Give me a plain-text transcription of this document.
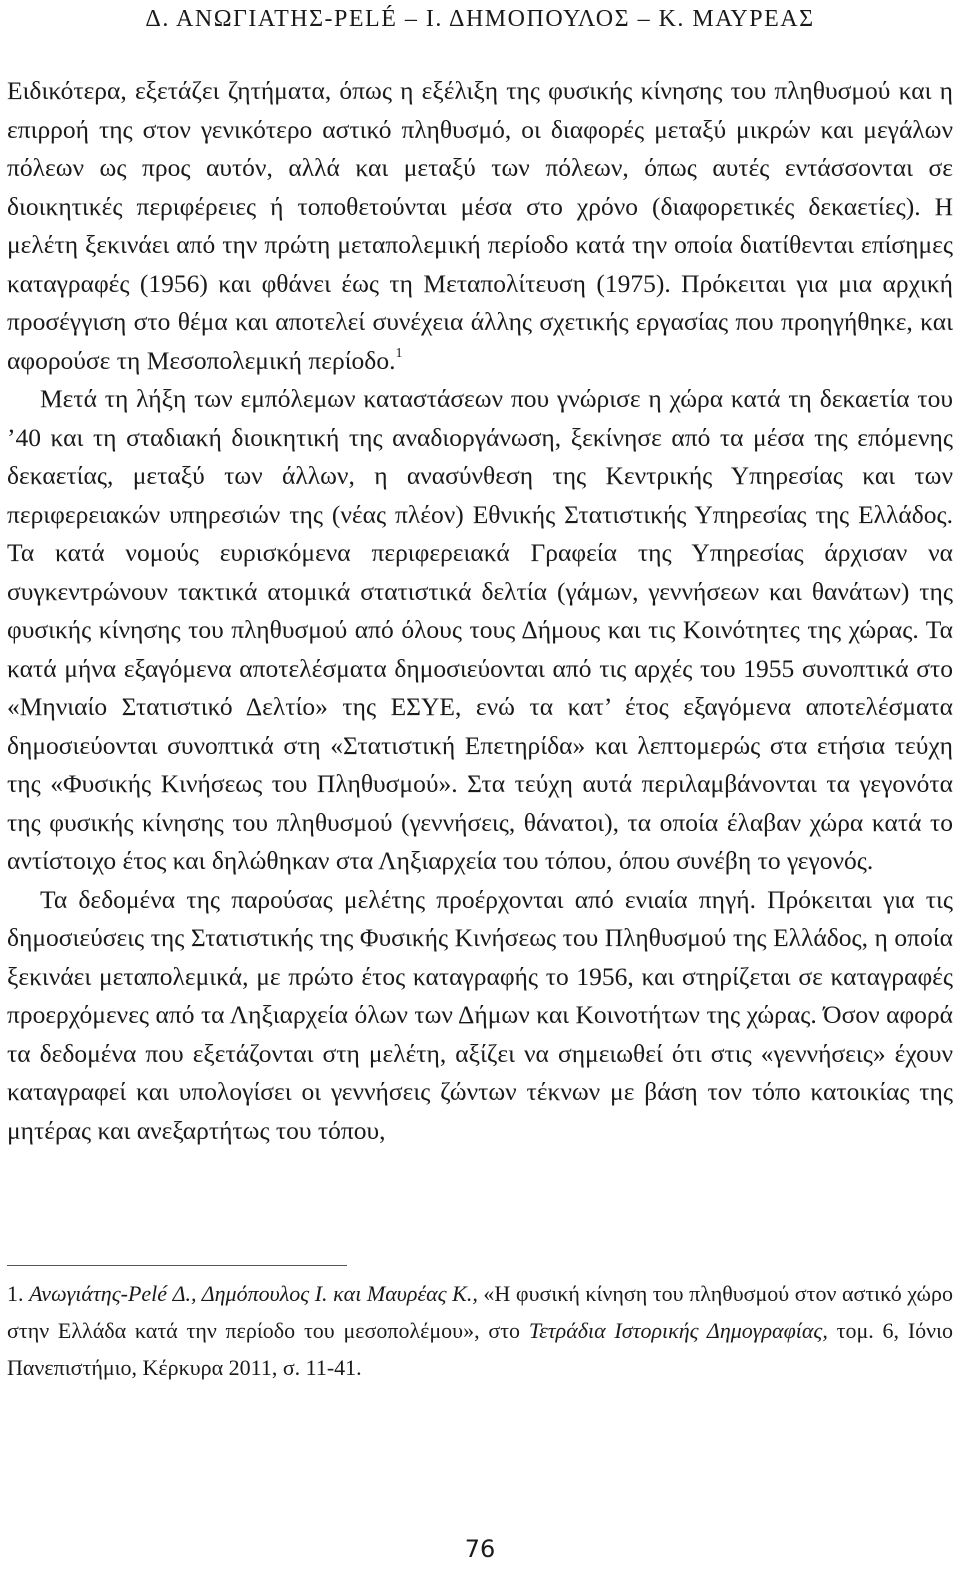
Δ. ΑΝΩΓΙΑΤΗΣ-PELÉ – Ι. ΔΗΜΟΠΟΥΛΟΣ – Κ. ΜΑΥΡΕΑΣ

Ειδικότερα, εξετάζει ζητήματα, όπως η εξέλιξη της φυσικής κίνησης του πληθυσμού και η επιρροή της στον γενικότερο αστικό πληθυσμό, οι διαφορές μεταξύ μικρών και μεγάλων πόλεων ως προς αυτόν, αλλά και μεταξύ των πόλεων, όπως αυτές εντάσσονται σε διοικητικές περιφέρειες ή τοποθετούνται μέσα στο χρόνο (διαφορετικές δεκαετίες). Η μελέτη ξεκινάει από την πρώτη μεταπολεμική περίοδο κατά την οποία διατίθενται επίσημες καταγραφές (1956) και φθάνει έως τη Μεταπολίτευση (1975). Πρόκειται για μια αρχική προσέγγιση στο θέμα και αποτελεί συνέχεια άλλης σχετικής εργασίας που προηγήθηκε, και αφορούσε τη Μεσοπολεμική περίοδο.$^1$

Μετά τη λήξη των εμπόλεμων καταστάσεων που γνώρισε η χώρα κατά τη δεκαετία του ’40 και τη σταδιακή διοικητική της αναδιοργάνωση, ξεκίνησε από τα μέσα της επόμενης δεκαετίας, μεταξύ των άλλων, η ανασύνθεση της Κεντρικής Υπηρεσίας και των περιφερειακών υπηρεσιών της (νέας πλέον) Εθνικής Στατιστικής Υπηρεσίας της Ελλάδος. Τα κατά νομούς ευρισκόμενα περιφερειακά Γραφεία της Υπηρεσίας άρχισαν να συγκεντρώνουν τακτικά ατομικά στατιστικά δελτία (γάμων, γεννήσεων και θανάτων) της φυσικής κίνησης του πληθυσμού από όλους τους Δήμους και τις Κοινότητες της χώρας. Τα κατά μήνα εξαγόμενα αποτελέσματα δημοσιεύονται από τις αρχές του 1955 συνοπτικά στο «Μηνιαίο Στατιστικό Δελτίο» της ΕΣΥΕ, ενώ τα κατ’ έτος εξαγόμενα αποτελέσματα δημοσιεύονται συνοπτικά στη «Στατιστική Επετηρίδα» και λεπτομερώς στα ετήσια τεύχη της «Φυσικής Κινήσεως του Πληθυσμού». Στα τεύχη αυτά περιλαμβάνονται τα γεγονότα της φυσικής κίνησης του πληθυσμού (γεννήσεις, θάνατοι), τα οποία έλαβαν χώρα κατά το αντίστοιχο έτος και δηλώθηκαν στα Ληξιαρχεία του τόπου, όπου συνέβη το γεγονός.

Τα δεδομένα της παρούσας μελέτης προέρχονται από ενιαία πηγή. Πρόκειται για τις δημοσιεύσεις της Στατιστικής της Φυσικής Κινήσεως του Πληθυσμού της Ελλάδος, η οποία ξεκινάει μεταπολεμικά, με πρώτο έτος καταγραφής το 1956, και στηρίζεται σε καταγραφές προερχόμενες από τα Ληξιαρχεία όλων των Δήμων και Κοινοτήτων της χώρας. Όσον αφορά τα δεδομένα που εξετάζονται στη μελέτη, αξίζει να σημειωθεί ότι στις «γεννήσεις» έχουν καταγραφεί και υπολογίσει οι γεννήσεις ζώντων τέκνων με βάση τον τόπο κατοικίας της μητέρας και ανεξαρτήτως του τόπου,

1. Ανωγιάτης-Pelé Δ., Δημόπουλος Ι. και Μαυρέας Κ., «Η φυσική κίνηση του πληθυσμού στον αστικό χώρο στην Ελλάδα κατά την περίοδο του μεσοπολέμου», στο Τετράδια Ιστορικής Δημογραφίας, τομ. 6, Ιόνιο Πανεπιστήμιο, Κέρκυρα 2011, σ. 11-41.

76
